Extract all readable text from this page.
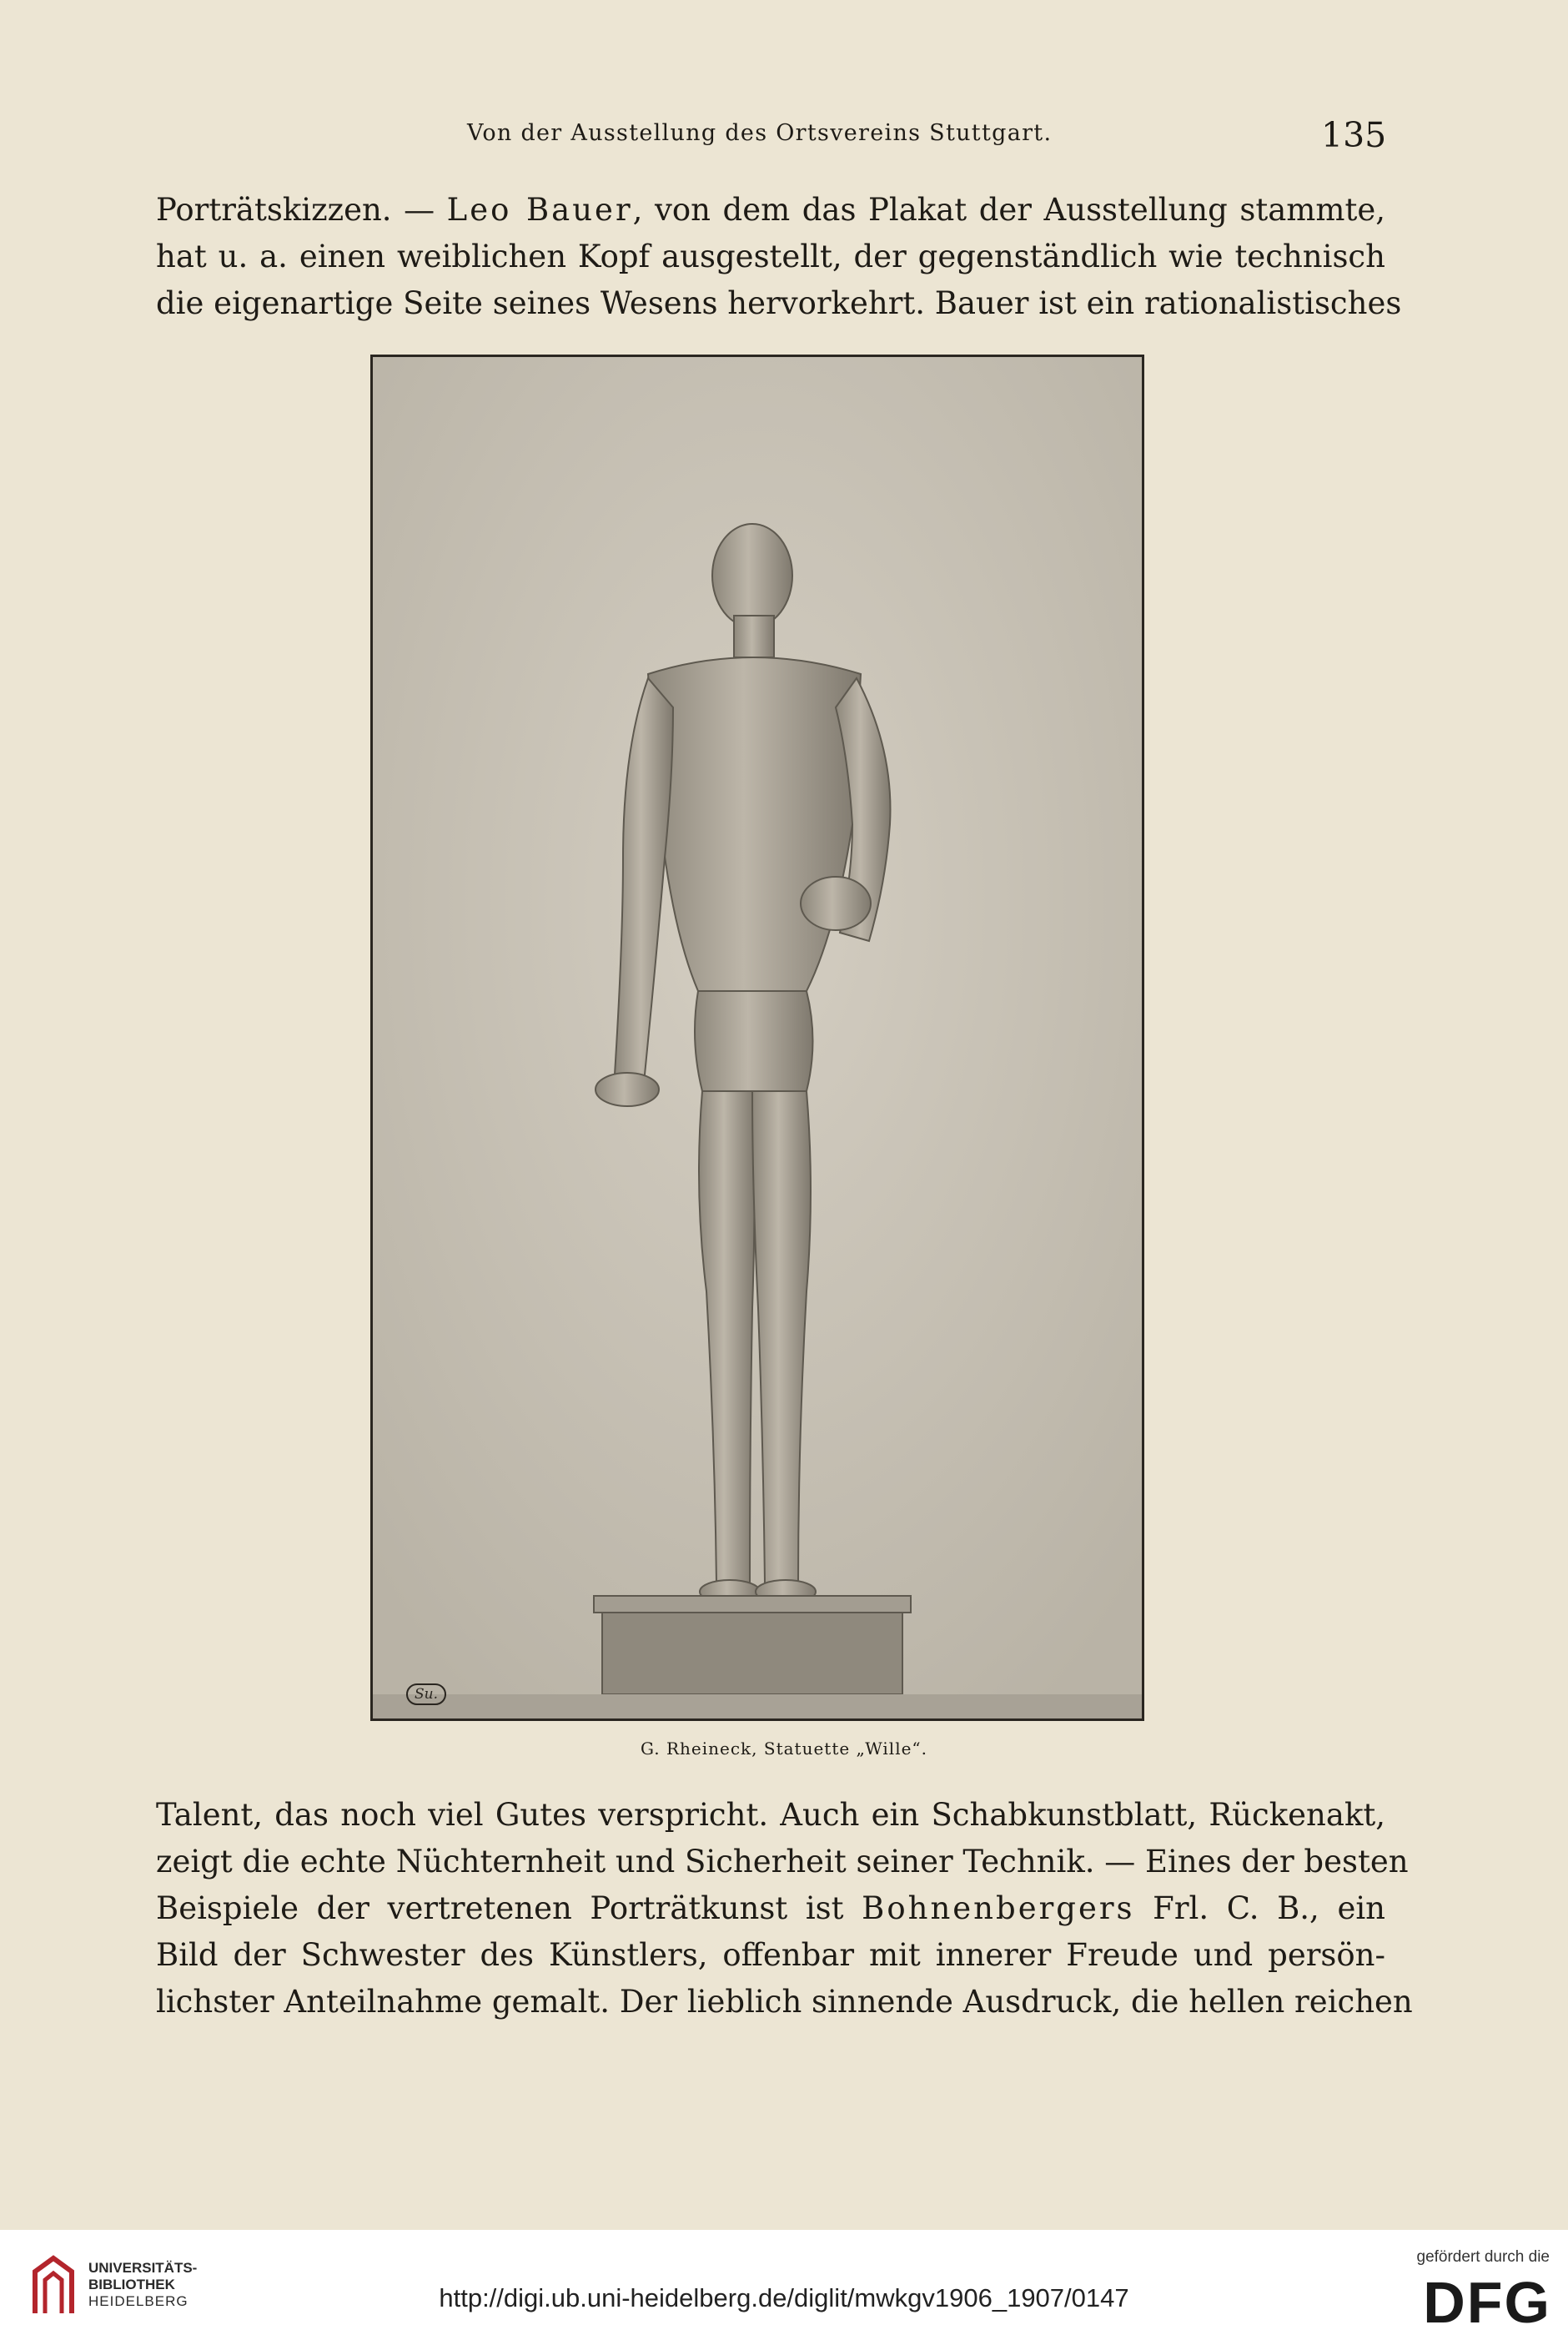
Von der Ausstellung des Ortsvereins Stuttgart.	135
Porträtskizzen. — Leo Bauer, von dem das Plakat der Ausstellung stammte,
hat u. a. einen weiblichen Kopf ausgestellt, der gegenständlich wie technisch
die eigenartige Seite seines Wesens hervorkehrt. Bauer ist ein rationalistisches
Su.
G. Rheineck, Statuette „Wille“.
Talent, das noch viel Gutes verspricht. Auch ein Schabkunstblatt, Rückenakt,
zeigt die echte Nüchternheit und Sicherheit seiner Technik. — Eines der besten
Beispiele der vertretenen Porträtkunst ist Bohnenbergers Frl. C. B., ein
Bild der Schwester des Künstlers, offenbar mit innerer Freude und persön-
lichster Anteilnahme gemalt. Der lieblich sinnende Ausdruck, die hellen reichen
UNIVERSITÄTS-
BIBLIOTHEK
HEIDELBERG	http://digi.ub.uni-heidelberg.de/diglit/mwkgv1906_1907/0147
gefördert durch die
DFG
